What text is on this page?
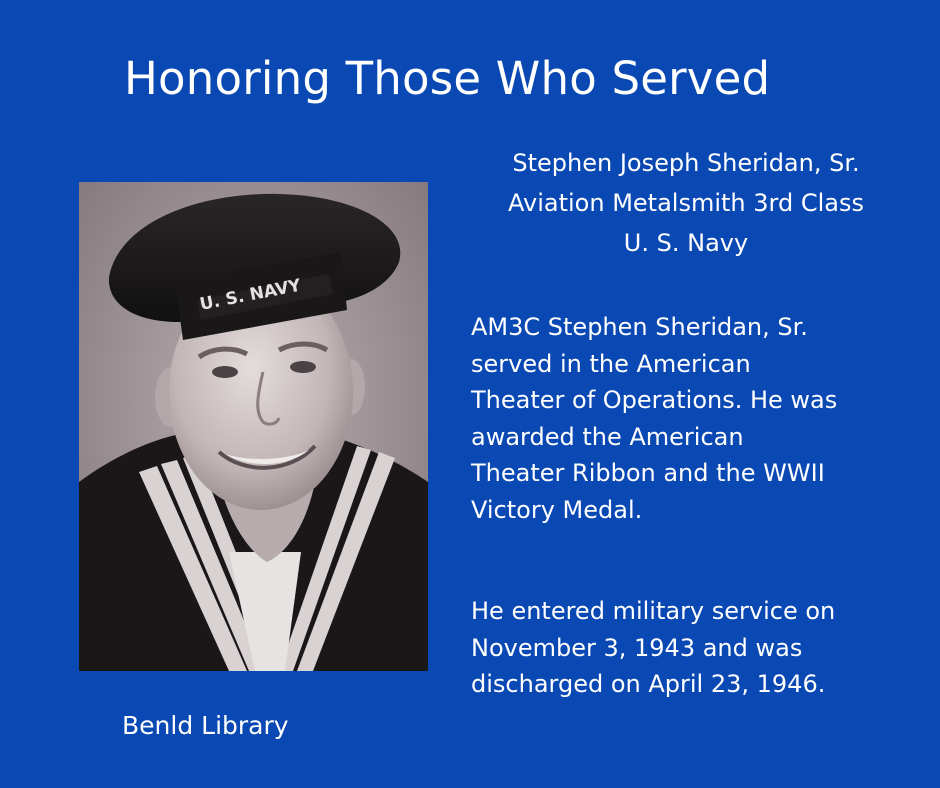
Honoring Those Who Served
U. S. NAVY
Benld Library
Stephen Joseph Sheridan, Sr.
Aviation Metalsmith 3rd Class
U. S. Navy
AM3C Stephen Sheridan, Sr.
served in the American
Theater of Operations. He was
awarded the American
Theater Ribbon and the WWII
Victory Medal.
He entered military service on
November 3, 1943 and was
discharged on April 23, 1946.
